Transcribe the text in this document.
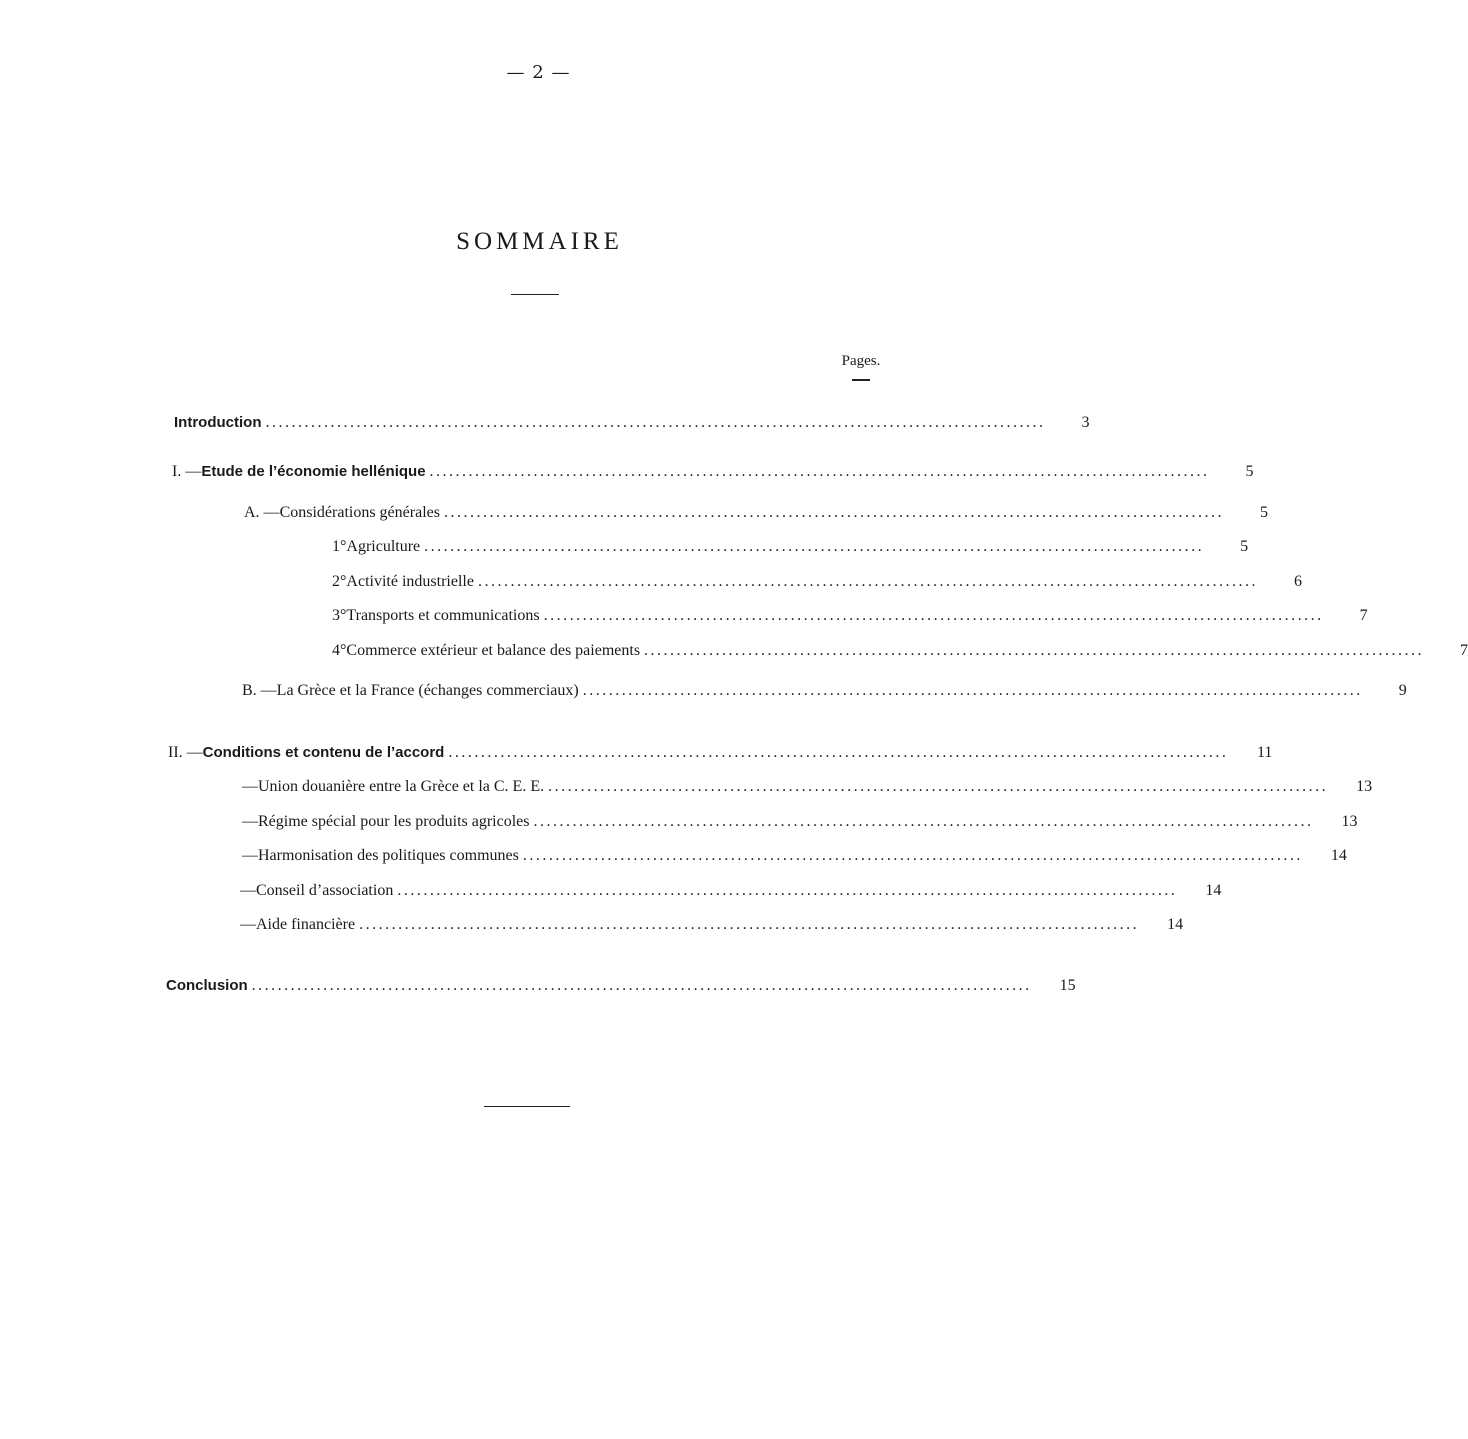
— 2 —
SOMMAIRE
Pages.
Introduction ........................................................................................................................	3
I. — Etude de l’économie hellénique ........................................................................................................................	5
A. — Considérations générales ........................................................................................................................	5
1° Agriculture ........................................................................................................................	5
2° Activité industrielle ........................................................................................................................	6
3° Transports et communications ........................................................................................................................	7
4° Commerce extérieur et balance des paiements ........................................................................................................................	7
B. — La Grèce et la France (échanges commerciaux) ........................................................................................................................	9
II. — Conditions et contenu de l’accord ........................................................................................................................	11
— Union douanière entre la Grèce et la C. E. E. ........................................................................................................................	13
— Régime spécial pour les produits agricoles ........................................................................................................................	13
— Harmonisation des politiques communes ........................................................................................................................	14
— Conseil d’association ........................................................................................................................	14
— Aide financière ........................................................................................................................	14
Conclusion ........................................................................................................................	15
